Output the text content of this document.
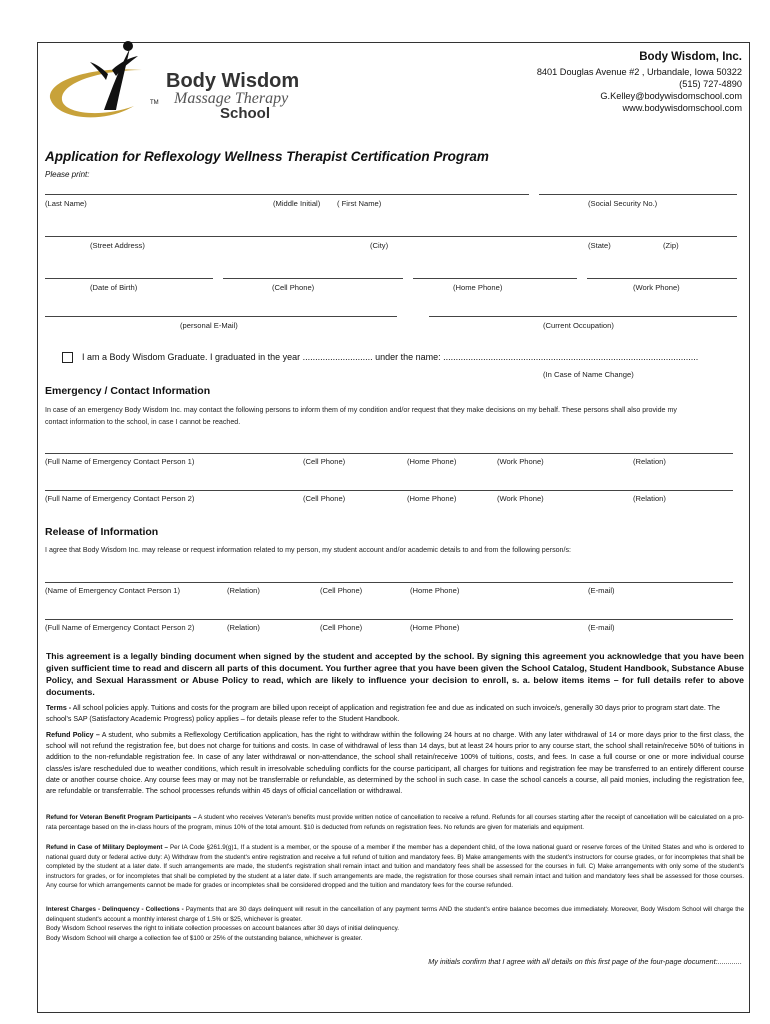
TM
Body Wisdom
Massage Therapy
School
Body Wisdom, Inc.
8401 Douglas Avenue #2 , Urbandale, Iowa 50322
(515) 727-4890
G.Kelley@bodywisdomschool.com
www.bodywisdomschool.com
Application for Reflexology Wellness Therapist Certification Program
Please print:
(Last Name)	(Middle Initial) ( First Name)	(Social Security No.)
(Street Address)	(City)	(State)	(Zip)
(Date of Birth)	(Cell Phone)	(Home Phone)	(Work Phone)
(personal E-Mail)	(Current Occupation)
I am a Body Wisdom Graduate. I graduated in the year ............................ under the name: ......................................................................................................
(In Case of Name Change)
Emergency / Contact Information
In case of an emergency Body Wisdom Inc. may contact the following persons to inform them of my condition and/or request that they make decisions on my behalf. These persons shall also provide my
contact information to the school, in case I cannot be reached.
(Full Name of Emergency Contact Person 1)	(Cell Phone)	(Home Phone)	(Work Phone)	(Relation)
(Full Name of Emergency Contact Person 2)	(Cell Phone)	(Home Phone)	(Work Phone)	(Relation)
Release of Information
I agree that Body Wisdom Inc. may release or request information related to my person, my student account and/or academic details to and from the following person/s:
(Name of Emergency Contact Person 1)	(Relation)	(Cell Phone)	(Home Phone)	(E-mail)
(Full Name of Emergency Contact Person 2)	(Relation)	(Cell Phone)	(Home Phone)	(E-mail)
This agreement is a legally binding document when signed by the student and accepted by the school. By signing this agreement you acknowledge that you have been given sufficient time to read and discern all parts of this document. You further agree that you have been given the School Catalog, Student Handbook, Substance Abuse Policy, and Sexual Harassment or Abuse Policy to read, which are likely to influence your decision to enroll, s. a. below items items – for full details refer to above documents.
Terms - All school policies apply. Tuitions and costs for the program are billed upon receipt of application and registration fee and due as indicated on such invoice/s, generally 30 days prior to program start date. The school's SAP (Satisfactory Academic Progress) policy applies – for details please refer to the Student Handbook.
Refund Policy – A student, who submits a Reflexology Certification application, has the right to withdraw within the following 24 hours at no charge. With any later withdrawal of 14 or more days prior to the first class, the school will not refund the registration fee, but does not charge for tuitions and costs. In case of withdrawal of less than 14 days, but at least 24 hours prior to any course start, the school shall retain/receive 50% of tuitions in addition to the non-refundable registration fee. In case of any later withdrawal or non-attendance, the school shall retain/receive 100% of tuitions, costs, and fees. In case a full course or one or more individual course class/es is/are rescheduled due to weather conditions, which result in irresolvable scheduling conflicts for the course participant, all charges for tuitions and registration fee may be transferred to an entirely different course date or another course choice. Any course fees may or may not be transferrable or refundable, as determined by the school in such case. In case the school cancels a course, all paid monies, including the registration fee, are refundable or transferrable. The school processes refunds within 45 days of official cancellation or withdrawal.
Refund for Veteran Benefit Program Participants – A student who receives Veteran's benefits must provide written notice of cancellation to receive a refund. Refunds for all courses starting after the receipt of cancellation will be calculated on a pro-rata percentage based on the in-class hours of the program, minus 10% of the total amount. $10 is deducted from refunds on registration fees. No refunds are given for materials and equipment.
Refund in Case of Military Deployment – Per IA Code §261.9(g)1, If a student is a member, or the spouse of a member if the member has a dependent child, of the Iowa national guard or reserve forces of the United States and who is ordered to national guard duty or federal active duty: A) Withdraw from the student's entire registration and receive a full refund of tuition and mandatory fees. B) Make arrangements with the student's instructors for course grades, or for incompletes that shall be completed by the student at a later date. If such arrangements are made, the student's registration shall remain intact and tuition and mandatory fees shall be assessed for the courses in full. C) Make arrangements with only some of the student's instructors for grades, or for incompletes that shall be completed by the student at a later date. If such arrangements are made, the registration for those courses shall remain intact and tuition and mandatory fees shall be assessed for those courses. Any course for which arrangements cannot be made for grades or incompletes shall be considered dropped and the tuition and mandatory fees for the course refunded.
Interest Charges - Delinquency - Collections - Payments that are 30 days delinquent will result in the cancellation of any payment terms AND the student's entire balance becomes due immediately. Moreover, Body Wisdom School will charge the delinquent student's account a monthly interest charge of 1.5% or $25, whichever is greater.
Body Wisdom School reserves the right to initiate collection processes on account balances after 30 days of initial delinquency.
Body Wisdom School will charge a collection fee of $100 or 25% of the outstanding balance, whichever is greater.
My initials confirm that I agree with all details on this first page of the four-page document:............
